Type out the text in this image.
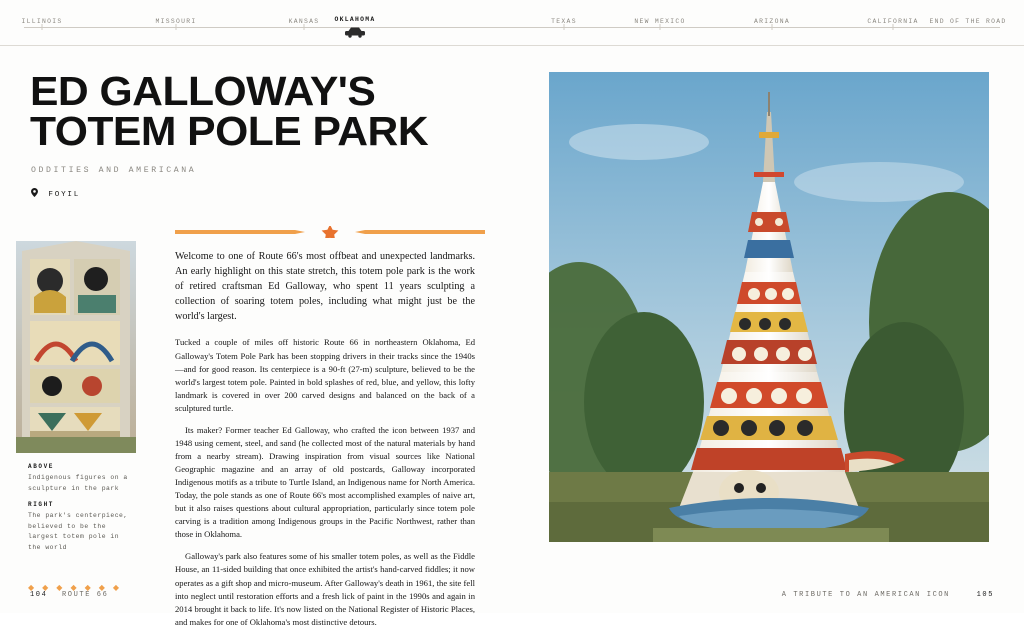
ILLINOIS	MISSOURI	KANSAS OKLAHOMA	TEXAS	NEW MEXICO	ARIZONA	CALIFORNIA END OF THE ROAD
ED GALLOWAY'S
TOTEM POLE PARK
ODDITIES AND AMERICANA
FOYIL
ABOVE
Indigenous figures on a sculpture in the park
RIGHT
The park's centerpiece, believed to be the largest totem pole in the world
◆ ◆ ◆ ◆ ◆ ◆ ◆

Welcome to one of Route 66's most offbeat and unexpected landmarks. An early highlight on this state stretch, this totem pole park is the work of retired craftsman Ed Galloway, who spent 11 years sculpting a collection of soaring totem poles, including what might just be the world's largest.

Tucked a couple of miles off historic Route 66 in northeastern Oklahoma, Ed Galloway's Totem Pole Park has been stopping drivers in their tracks since the 1940s—and for good reason. Its centerpiece is a 90-ft (27-m) sculpture, believed to be the world's largest totem pole. Painted in bold splashes of red, blue, and yellow, this lofty landmark is covered in over 200 carved designs and balanced on the back of a sculptured turtle.

Its maker? Former teacher Ed Galloway, who crafted the icon between 1937 and 1948 using cement, steel, and sand (he collected most of the natural materials by hand from a nearby stream). Drawing inspiration from visual sources like National Geographic magazine and an array of old postcards, Galloway incorporated Indigenous motifs as a tribute to Turtle Island, an Indigenous name for North America. Today, the pole stands as one of Route 66's most accomplished examples of naive art, but it also raises questions about cultural appropriation, particularly since totem pole carving is a tradition among Indigenous groups in the Pacific Northwest, rather than those in Oklahoma.

Galloway's park also features some of his smaller totem poles, as well as the Fiddle House, an 11-sided building that once exhibited the artist's hand-carved fiddles; it now operates as a gift shop and micro-museum. After Galloway's death in 1961, the site fell into neglect until restoration efforts and a fresh lick of paint in the 1990s and again in 2014 brought it back to life. It's now listed on the National Register of Historic Places, and makes for one of Oklahoma's most distinctive detours.

104 ROUTE 66	A TRIBUTE TO AN AMERICAN ICON	105
